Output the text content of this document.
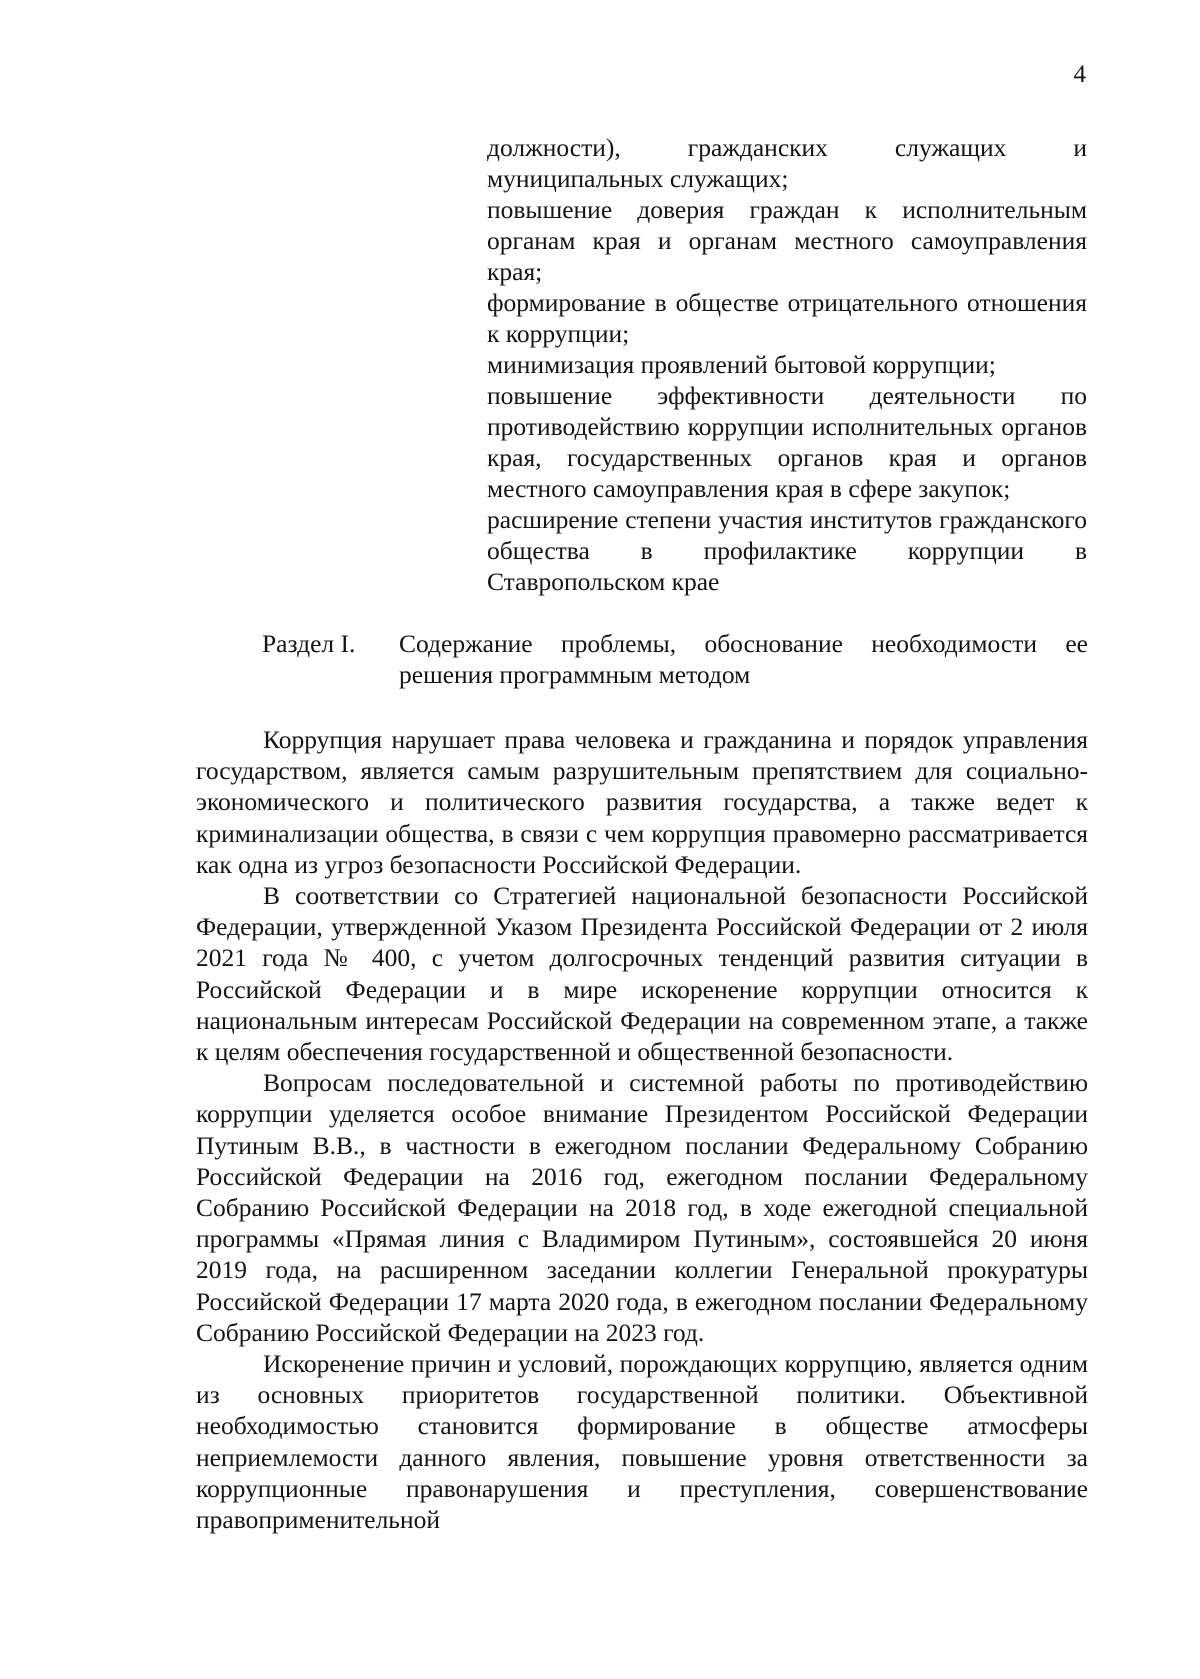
4

должности), гражданских служащих и муниципальных служащих;

повышение доверия граждан к исполнительным органам края и органам местного самоуправления края;

формирование в обществе отрицательного отношения к коррупции;

минимизация проявлений бытовой коррупции;

повышение эффективности деятельности по противодействию коррупции исполнительных органов края, государственных органов края и органов местного самоуправления края в сфере закупок;

расширение степени участия институтов гражданского общества в профилактике коррупции в Ставропольском крае

Раздел I. Содержание проблемы, обоснование необходимости ее решения программным методом

Коррупция нарушает права человека и гражданина и порядок управления государством, является самым разрушительным препятствием для социально-экономического и политического развития государства, а также ведет к криминализации общества, в связи с чем коррупция правомерно рассматривается как одна из угроз безопасности Российской Федерации.

В соответствии со Стратегией национальной безопасности Российской Федерации, утвержденной Указом Президента Российской Федерации от 2 июля 2021 года № 400, с учетом долгосрочных тенденций развития ситуации в Российской Федерации и в мире искоренение коррупции относится к национальным интересам Российской Федерации на современном этапе, а также к целям обеспечения государственной и общественной безопасности.

Вопросам последовательной и системной работы по противодействию коррупции уделяется особое внимание Президентом Российской Федерации Путиным В.В., в частности в ежегодном послании Федеральному Собранию Российской Федерации на 2016 год, ежегодном послании Федеральному Собранию Российской Федерации на 2018 год, в ходе ежегодной специальной программы «Прямая линия с Владимиром Путиным», состоявшейся 20 июня 2019 года, на расширенном заседании коллегии Генеральной прокуратуры Российской Федерации 17 марта 2020 года, в ежегодном послании Федеральному Собранию Российской Федерации на 2023 год.

Искоренение причин и условий, порождающих коррупцию, является одним из основных приоритетов государственной политики. Объективной необходимостью становится формирование в обществе атмосферы неприемлемости данного явления, повышение уровня ответственности за коррупционные правонарушения и преступления, совершенствование правоприменительной
